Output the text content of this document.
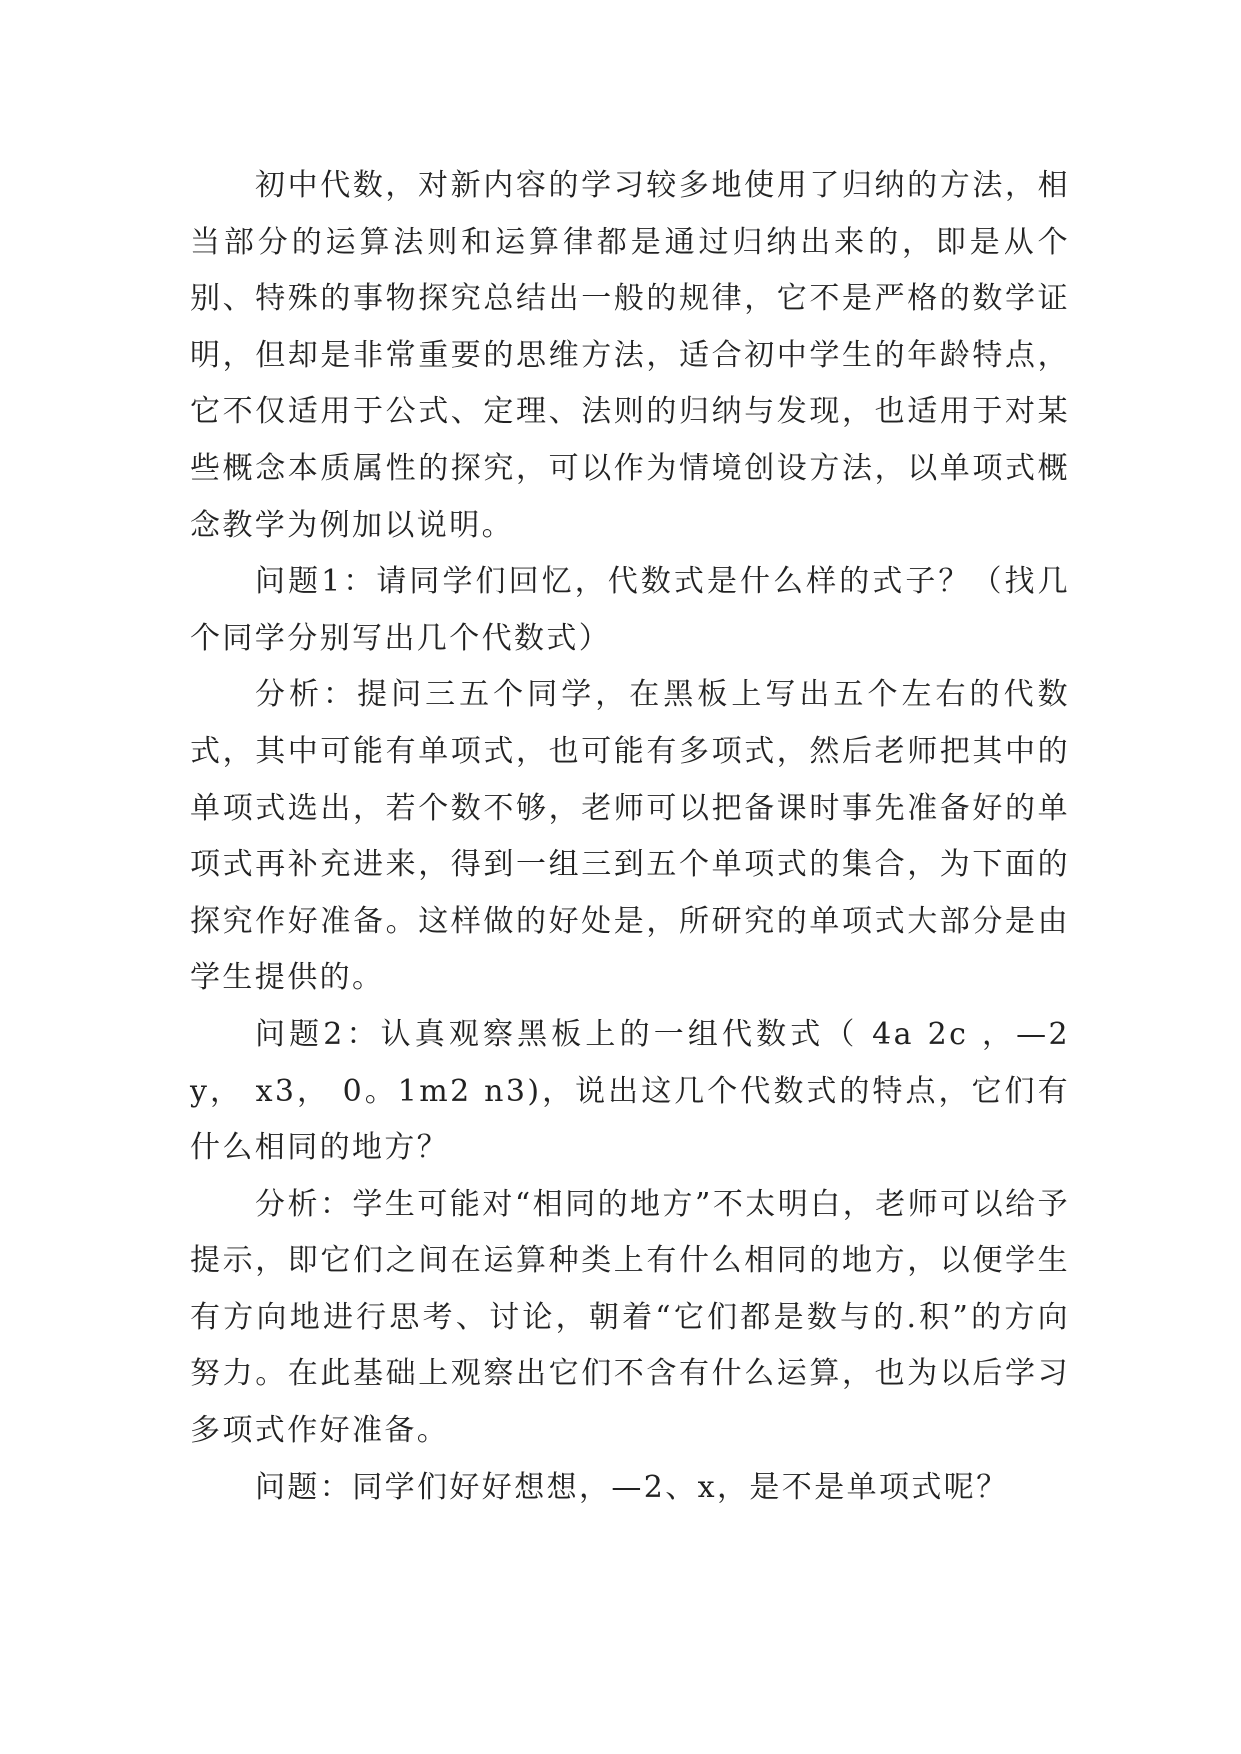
初中代数，对新内容的学习较多地使用了归纳的方法，相当部分的运算法则和运算律都是通过归纳出来的，即是从个别、特殊的事物探究总结出一般的规律，它不是严格的数学证明，但却是非常重要的思维方法，适合初中学生的年龄特点，它不仅适用于公式、定理、法则的归纳与发现，也适用于对某些概念本质属性的探究，可以作为情境创设方法，以单项式概念教学为例加以说明。

问题1：请同学们回忆，代数式是什么样的式子？（找几个同学分别写出几个代数式）

分析：提问三五个同学，在黑板上写出五个左右的代数式，其中可能有单项式，也可能有多项式，然后老师把其中的单项式选出，若个数不够，老师可以把备课时事先准备好的单项式再补充进来，得到一组三到五个单项式的集合，为下面的探究作好准备。这样做的好处是，所研究的单项式大部分是由学生提供的。

问题2：认真观察黑板上的一组代数式（ 4a 2c ，—2y， x3， 0。1m2 n3)，说出这几个代数式的特点，它们有什么相同的地方？

分析：学生可能对“相同的地方”不太明白，老师可以给予提示，即它们之间在运算种类上有什么相同的地方，以便学生有方向地进行思考、讨论，朝着“它们都是数与的.积”的方向努力。在此基础上观察出它们不含有什么运算，也为以后学习多项式作好准备。

问题：同学们好好想想，—2、x，是不是单项式呢？
